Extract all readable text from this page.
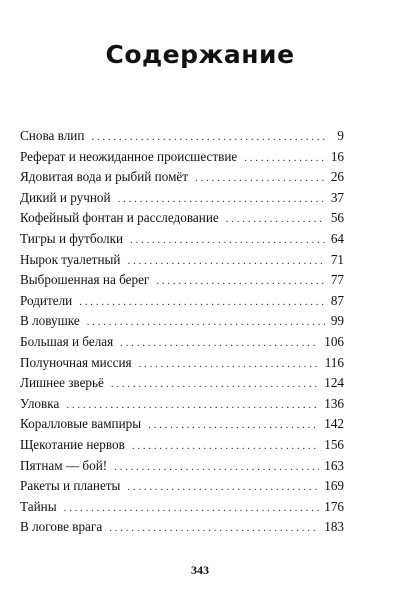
Содержание
Снова влип . . .	9
Реферат и неожиданное происшествие . . .	16
Ядовитая вода и рыбий помёт . . .	26
Дикий и ручной . . .	37
Кофейный фонтан и расследование . . .	56
Тигры и футболки . . .	64
Нырок туалетный . . .	71
Выброшенная на берег . . .	77
Родители . . .	87
В ловушке . . .	99
Большая и белая . . .	106
Полуночная миссия . . .	116
Лишнее зверьё . . .	124
Уловка . . .	136
Коралловые вампиры . . .	142
Щекотание нервов . . .	156
Пятнам — бой! . . .	163
Ракеты и планеты . . .	169
Тайны . . .	176
В логове врага . . .	183
343
